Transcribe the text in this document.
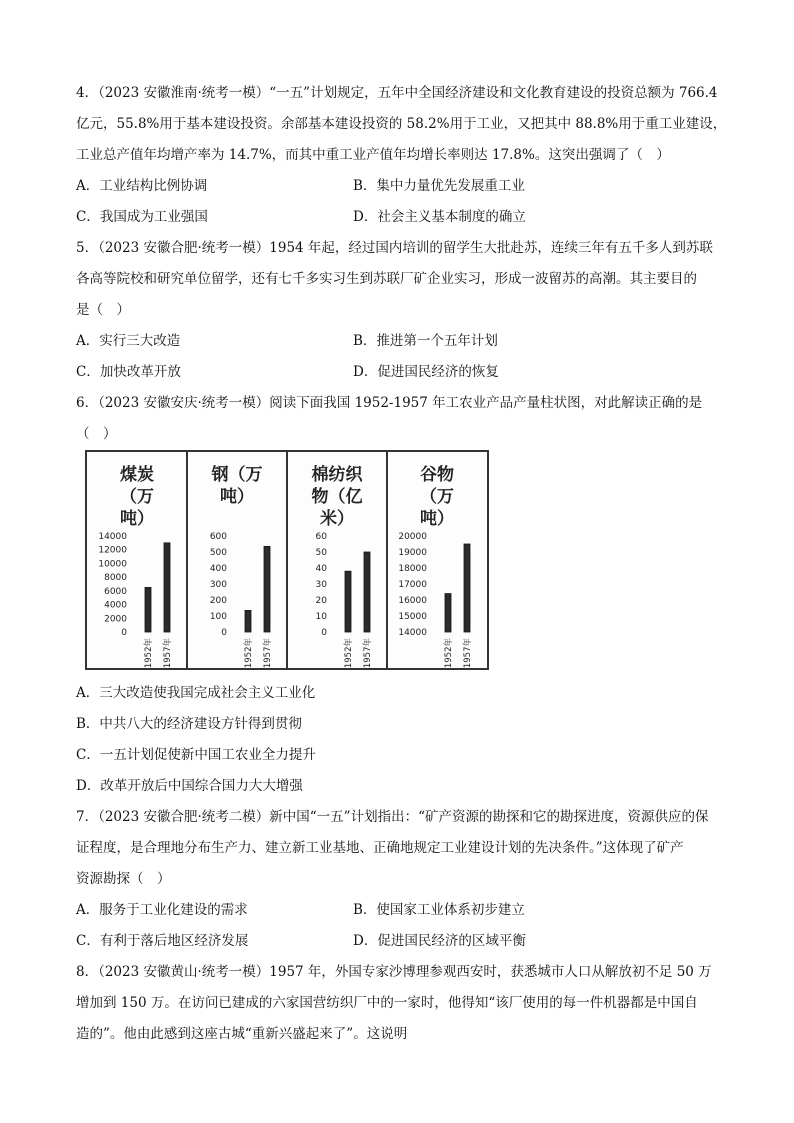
4．（2023 安徽淮南·统考一模）“一五”计划规定，五年中全国经济建设和文化教育建设的投资总额为 766.4
亿元，55.8%用于基本建设投资。余部基本建设投资的 58.2%用于工业，又把其中 88.8%用于重工业建设，
工业总产值年均增产率为 14.7%，而其中重工业产值年均增长率则达 17.8%。这突出强调了（　）
A．工业结构比例协调	B．集中力量优先发展重工业
C．我国成为工业强国	D．社会主义基本制度的确立
5．（2023 安徽合肥·统考一模）1954 年起，经过国内培训的留学生大批赴苏，连续三年有五千多人到苏联
各高等院校和研究单位留学，还有七千多实习生到苏联厂矿企业实习，形成一波留苏的高潮。其主要目的
是（　）
A．实行三大改造	B．推进第一个五年计划
C．加快改革开放	D．促进国民经济的恢复
6．（2023 安徽安庆·统考一模）阅读下面我国 1952-1957 年工农业产品产量柱状图，对此解读正确的是
（　）
煤炭
（万
吨）
14000
12000
10000
8000
6000
4000
2000
0
1952年 1957年
钢（万
吨）
600
500
400
300
200
100
0
1952年 1957年
棉纺织
物（亿
米）
60
50
40
30
20
10
0
1952年 1957年
谷物
（万
吨）
20000
19000
18000
17000
16000
15000
14000
1952年 1957年
A．三大改造使我国完成社会主义工业化
B．中共八大的经济建设方针得到贯彻
C．一五计划促使新中国工农业全力提升
D．改革开放后中国综合国力大大增强
7．（2023 安徽合肥·统考二模）新中国“一五”计划指出：“矿产资源的勘探和它的勘探进度，资源供应的保
证程度，是合理地分布生产力、建立新工业基地、正确地规定工业建设计划的先决条件。”这体现了矿产
资源勘探（　）
A．服务于工业化建设的需求	B．使国家工业体系初步建立
C．有利于落后地区经济发展	D．促进国民经济的区域平衡
8．（2023 安徽黄山·统考一模）1957 年，外国专家沙博理参观西安时，获悉城市人口从解放初不足 50 万
增加到 150 万。在访问已建成的六家国营纺织厂中的一家时，他得知“该厂使用的每一件机器都是中国自
造的”。他由此感到这座古城“重新兴盛起来了”。这说明
